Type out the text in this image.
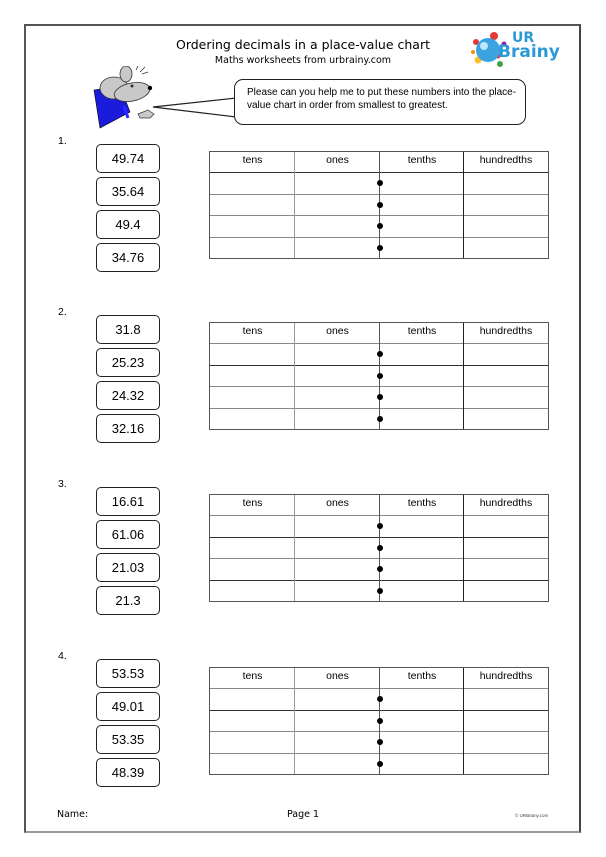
Ordering decimals in a place-value chart
Maths worksheets from urbrainy.com
UR
Brainy
Please can you help me to put these numbers into the place-value chart in order from smallest to greatest.
1.
49.74
35.64
49.4
34.76
tens	ones	tenths	hundredths
2.
31.8
25.23
24.32
32.16
tens	ones	tenths	hundredths
3.
16.61
61.06
21.03
21.3
tens	ones	tenths	hundredths
4.
53.53
49.01
53.35
48.39
tens	ones	tenths	hundredths
Name:	Page 1	© URBrainy.com
